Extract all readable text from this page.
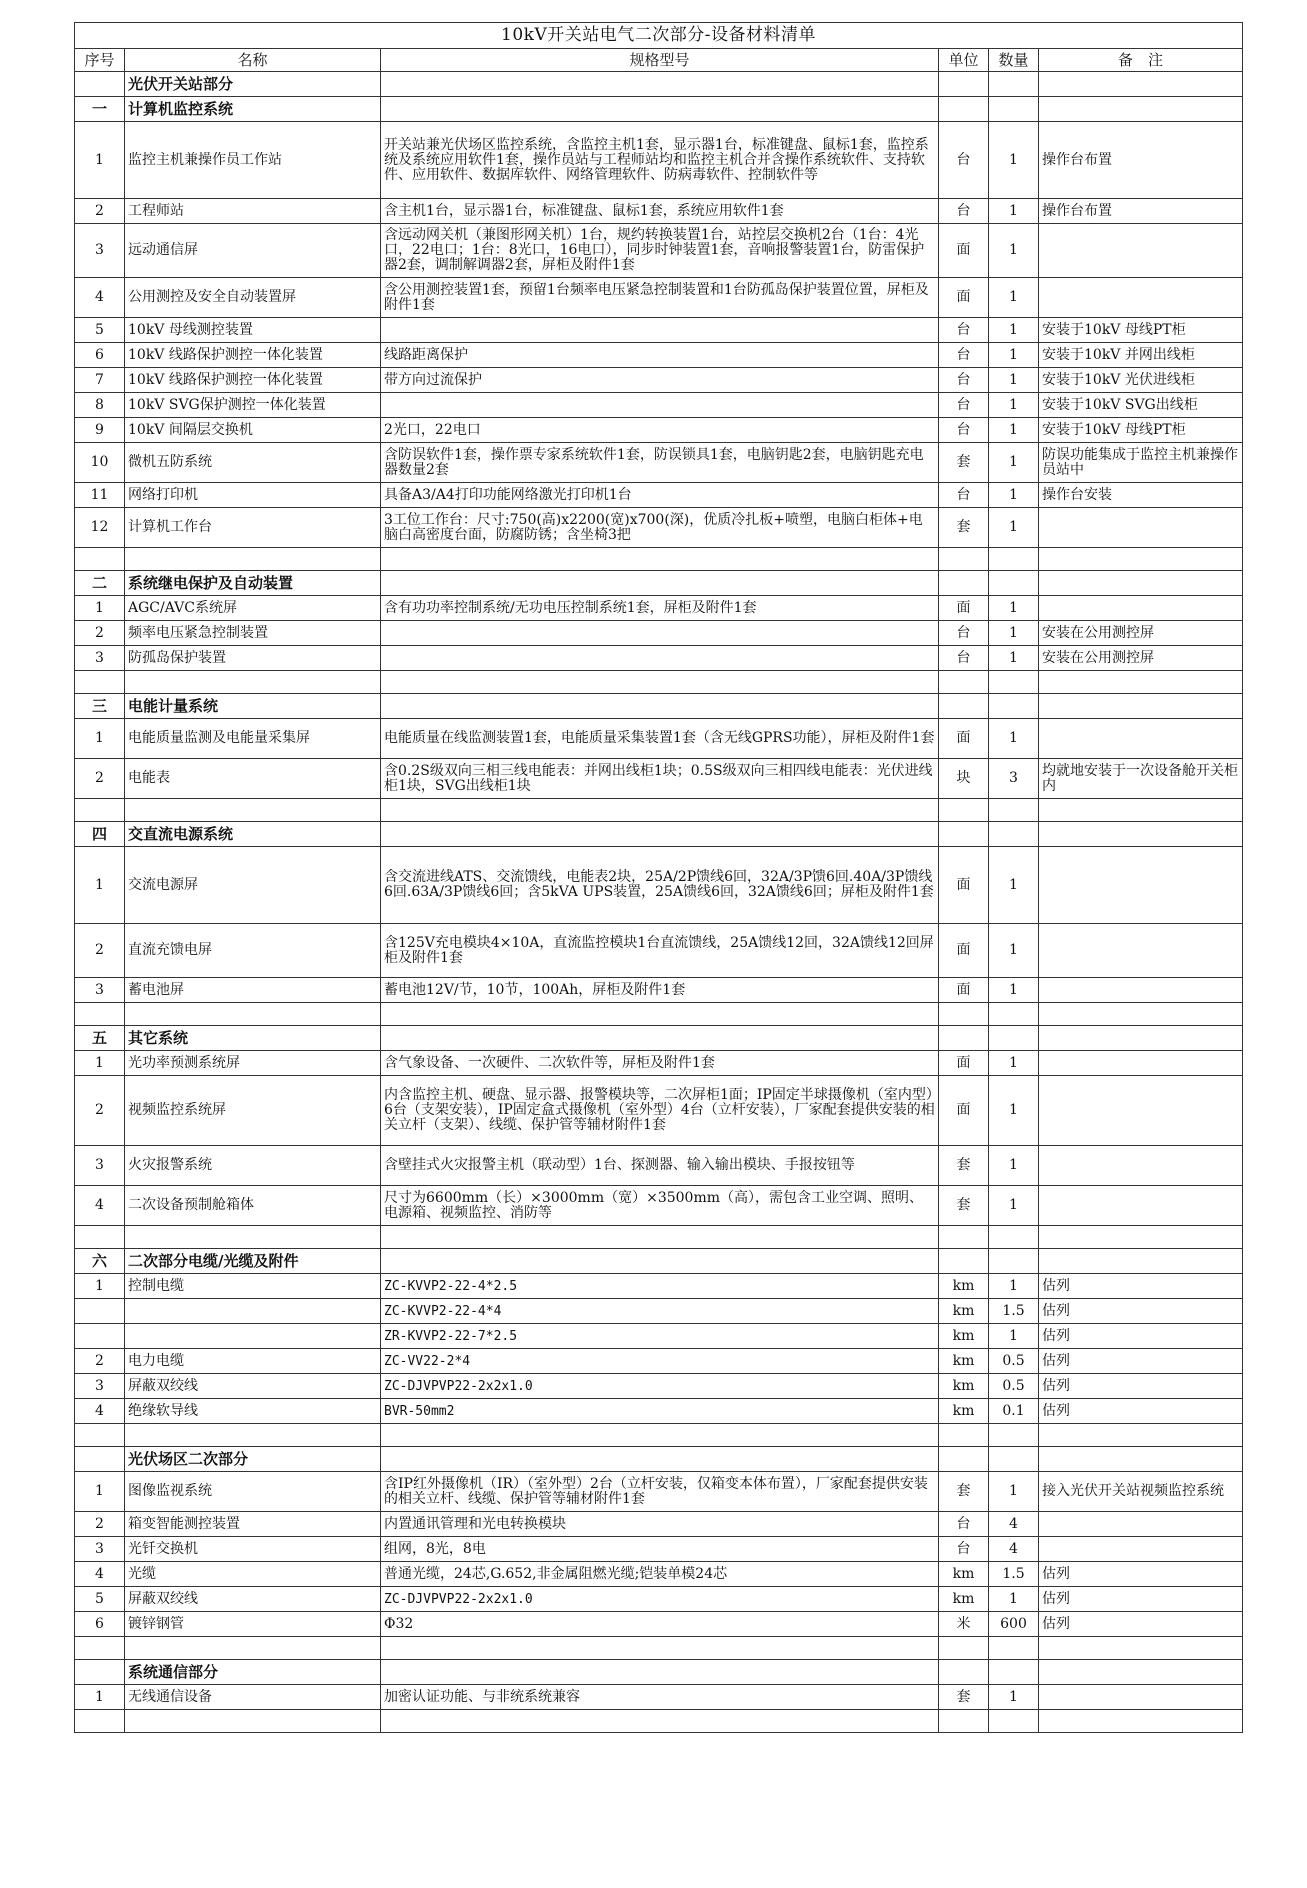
10kV开关站电气二次部分-设备材料清单					
序号	名称	规格型号	单位	数量	备　注
	光伏开关站部分				
一	计算机监控系统				
1	监控主机兼操作员工作站	开关站兼光伏场区监控系统，含监控主机1套，显示器1台，标准键盘、鼠标1套，监控系统及系统应用软件1套，操作员站与工程师站均和监控主机合并含操作系统软件、支持软件、应用软件、数据库软件、网络管理软件、防病毒软件、控制软件等	台	1	操作台布置
2	工程师站	含主机1台，显示器1台，标准键盘、鼠标1套，系统应用软件1套	台	1	操作台布置
3	远动通信屏	含远动网关机（兼图形网关机）1台，规约转换装置1台，站控层交换机2台（1台：4光口，22电口；1台：8光口，16电口），同步时钟装置1套，音响报警装置1台，防雷保护器2套，调制解调器2套，屏柜及附件1套	面	1	
4	公用测控及安全自动装置屏	含公用测控装置1套，预留1台频率电压紧急控制装置和1台防孤岛保护装置位置，屏柜及附件1套	面	1	
5	10kV 母线测控装置		台	1	安装于10kV 母线PT柜
6	10kV 线路保护测控一体化装置	线路距离保护	台	1	安装于10kV 并网出线柜
7	10kV 线路保护测控一体化装置	带方向过流保护	台	1	安装于10kV 光伏进线柜
8	10kV SVG保护测控一体化装置		台	1	安装于10kV SVG出线柜
9	10kV 间隔层交换机	2光口，22电口	台	1	安装于10kV 母线PT柜
10	微机五防系统	含防误软件1套，操作票专家系统软件1套，防误锁具1套，电脑钥匙2套，电脑钥匙充电器数量2套	套	1	防误功能集成于监控主机兼操作员站中
11	网络打印机	具备A3/A4打印功能网络激光打印机1台	台	1	操作台安装
12	计算机工作台	3工位工作台：尺寸:750(高)x2200(宽)x700(深)，优质冷扎板+喷塑，电脑白柜体+电脑白高密度台面，防腐防锈；含坐椅3把	套	1	

二	系统继电保护及自动装置				
1	AGC/AVC系统屏	含有功功率控制系统/无功电压控制系统1套，屏柜及附件1套	面	1	
2	频率电压紧急控制装置		台	1	安装在公用测控屏
3	防孤岛保护装置		台	1	安装在公用测控屏

三	电能计量系统				
1	电能质量监测及电能量采集屏	电能质量在线监测装置1套，电能质量采集装置1套（含无线GPRS功能），屏柜及附件1套	面	1	
2	电能表	含0.2S级双向三相三线电能表：并网出线柜1块；0.5S级双向三相四线电能表：光伏进线柜1块，SVG出线柜1块	块	3	均就地安装于一次设备舱开关柜内

四	交直流电源系统				
1	交流电源屏	含交流进线ATS、交流馈线，电能表2块，25A/2P馈线6回，32A/3P馈6回.40A/3P馈线6回.63A/3P馈线6回；含5kVA UPS装置，25A馈线6回，32A馈线6回；屏柜及附件1套	面	1	
2	直流充馈电屏	含125V充电模块4×10A，直流监控模块1台直流馈线，25A馈线12回，32A馈线12回屏柜及附件1套	面	1	
3	蓄电池屏	蓄电池12V/节，10节，100Ah，屏柜及附件1套	面	1	

五	其它系统				
1	光功率预测系统屏	含气象设备、一次硬件、二次软件等，屏柜及附件1套	面	1	
2	视频监控系统屏	内含监控主机、硬盘、显示器、报警模块等，二次屏柜1面；IP固定半球摄像机（室内型）6台（支架安装），IP固定盒式摄像机（室外型）4台（立杆安装），厂家配套提供安装的相关立杆（支架）、线缆、保护管等辅材附件1套	面	1	
3	火灾报警系统	含壁挂式火灾报警主机（联动型）1台、探测器、输入输出模块、手报按钮等	套	1	
4	二次设备预制舱箱体	尺寸为6600mm（长）×3000mm（宽）×3500mm（高），需包含工业空调、照明、电源箱、视频监控、消防等	套	1	

六	二次部分电缆/光缆及附件				
1	控制电缆	ZC-KVVP2-22-4*2.5	km	1	估列
		ZC-KVVP2-22-4*4	km	1.5	估列
		ZR-KVVP2-22-7*2.5	km	1	估列
2	电力电缆	ZC-VV22-2*4	km	0.5	估列
3	屏蔽双绞线	ZC-DJVPVP22-2x2x1.0	km	0.5	估列
4	绝缘软导线	BVR-50mm2	km	0.1	估列

	光伏场区二次部分				
1	图像监视系统	含IP红外摄像机（IR）（室外型）2台（立杆安装，仅箱变本体布置），厂家配套提供安装的相关立杆、线缆、保护管等辅材附件1套	套	1	接入光伏开关站视频监控系统
2	箱变智能测控装置	内置通讯管理和光电转换模块	台	4	
3	光钎交换机	组网，8光，8电	台	4	
4	光缆	普通光缆，24芯,G.652,非金属阻燃光缆;铠装单模24芯	km	1.5	估列
5	屏蔽双绞线	ZC-DJVPVP22-2x2x1.0	km	1	估列
6	镀锌钢管	Φ32	米	600	估列

	系统通信部分				
1	无线通信设备	加密认证功能、与非统系统兼容	套	1	
